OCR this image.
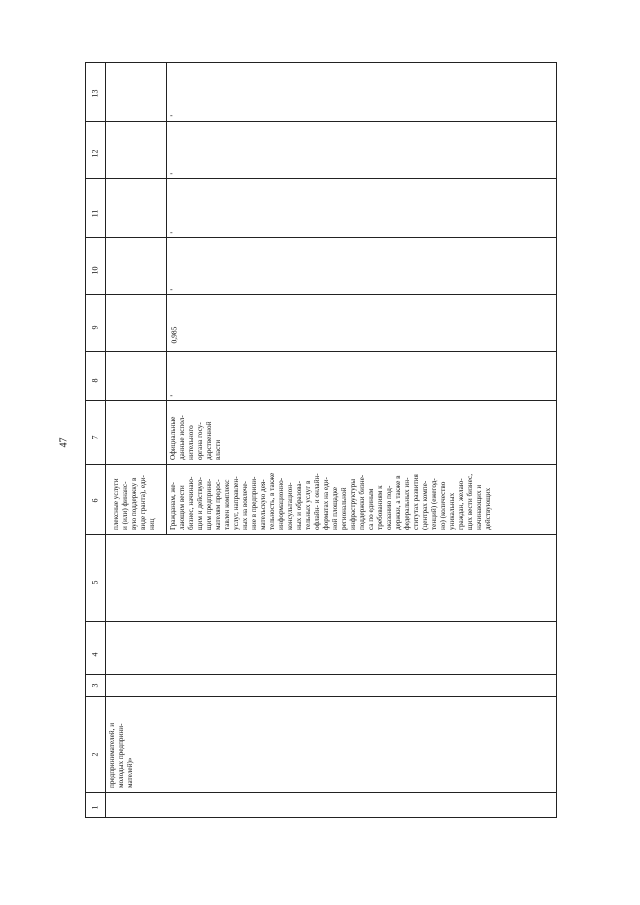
47
1
2
3
4
5
6
7
8
9
10
11
12
13
предпринимателей, и
молодых предприни-
мателей)»
плексные услуги
и (или) финанс-
вую поддержку в
виде гранта), еди-
ниц Гражданам, же-
лающим вести
бизнес, начинаю-
щим и действую-
щим предприни-
мателям предос-
тавлен комплекс
услуг, направлен-
ных на вовлече-
ние в предприни-
мательскую дея-
тельность, в также
информационно-
консультацион-
ных и образова-
тельных услуг в
офлайн- и онлайн-
форматах на еди-
ной площадке
региональной
инфраструктуры
поддержки бизне-
са по единым
требованиям к
оказанию под-
держки, а также в
федеральных ин-
ститутах развития
(центрах компе-
тенций) (ежегод-
но) (количество
уникальных
граждан, желаю-
щих вести бизнес,
начинающих и
действующих
Официальные
данные испол-
нительного
органа госу-
дарственной
власти
-
0,985
-
-
-
-
